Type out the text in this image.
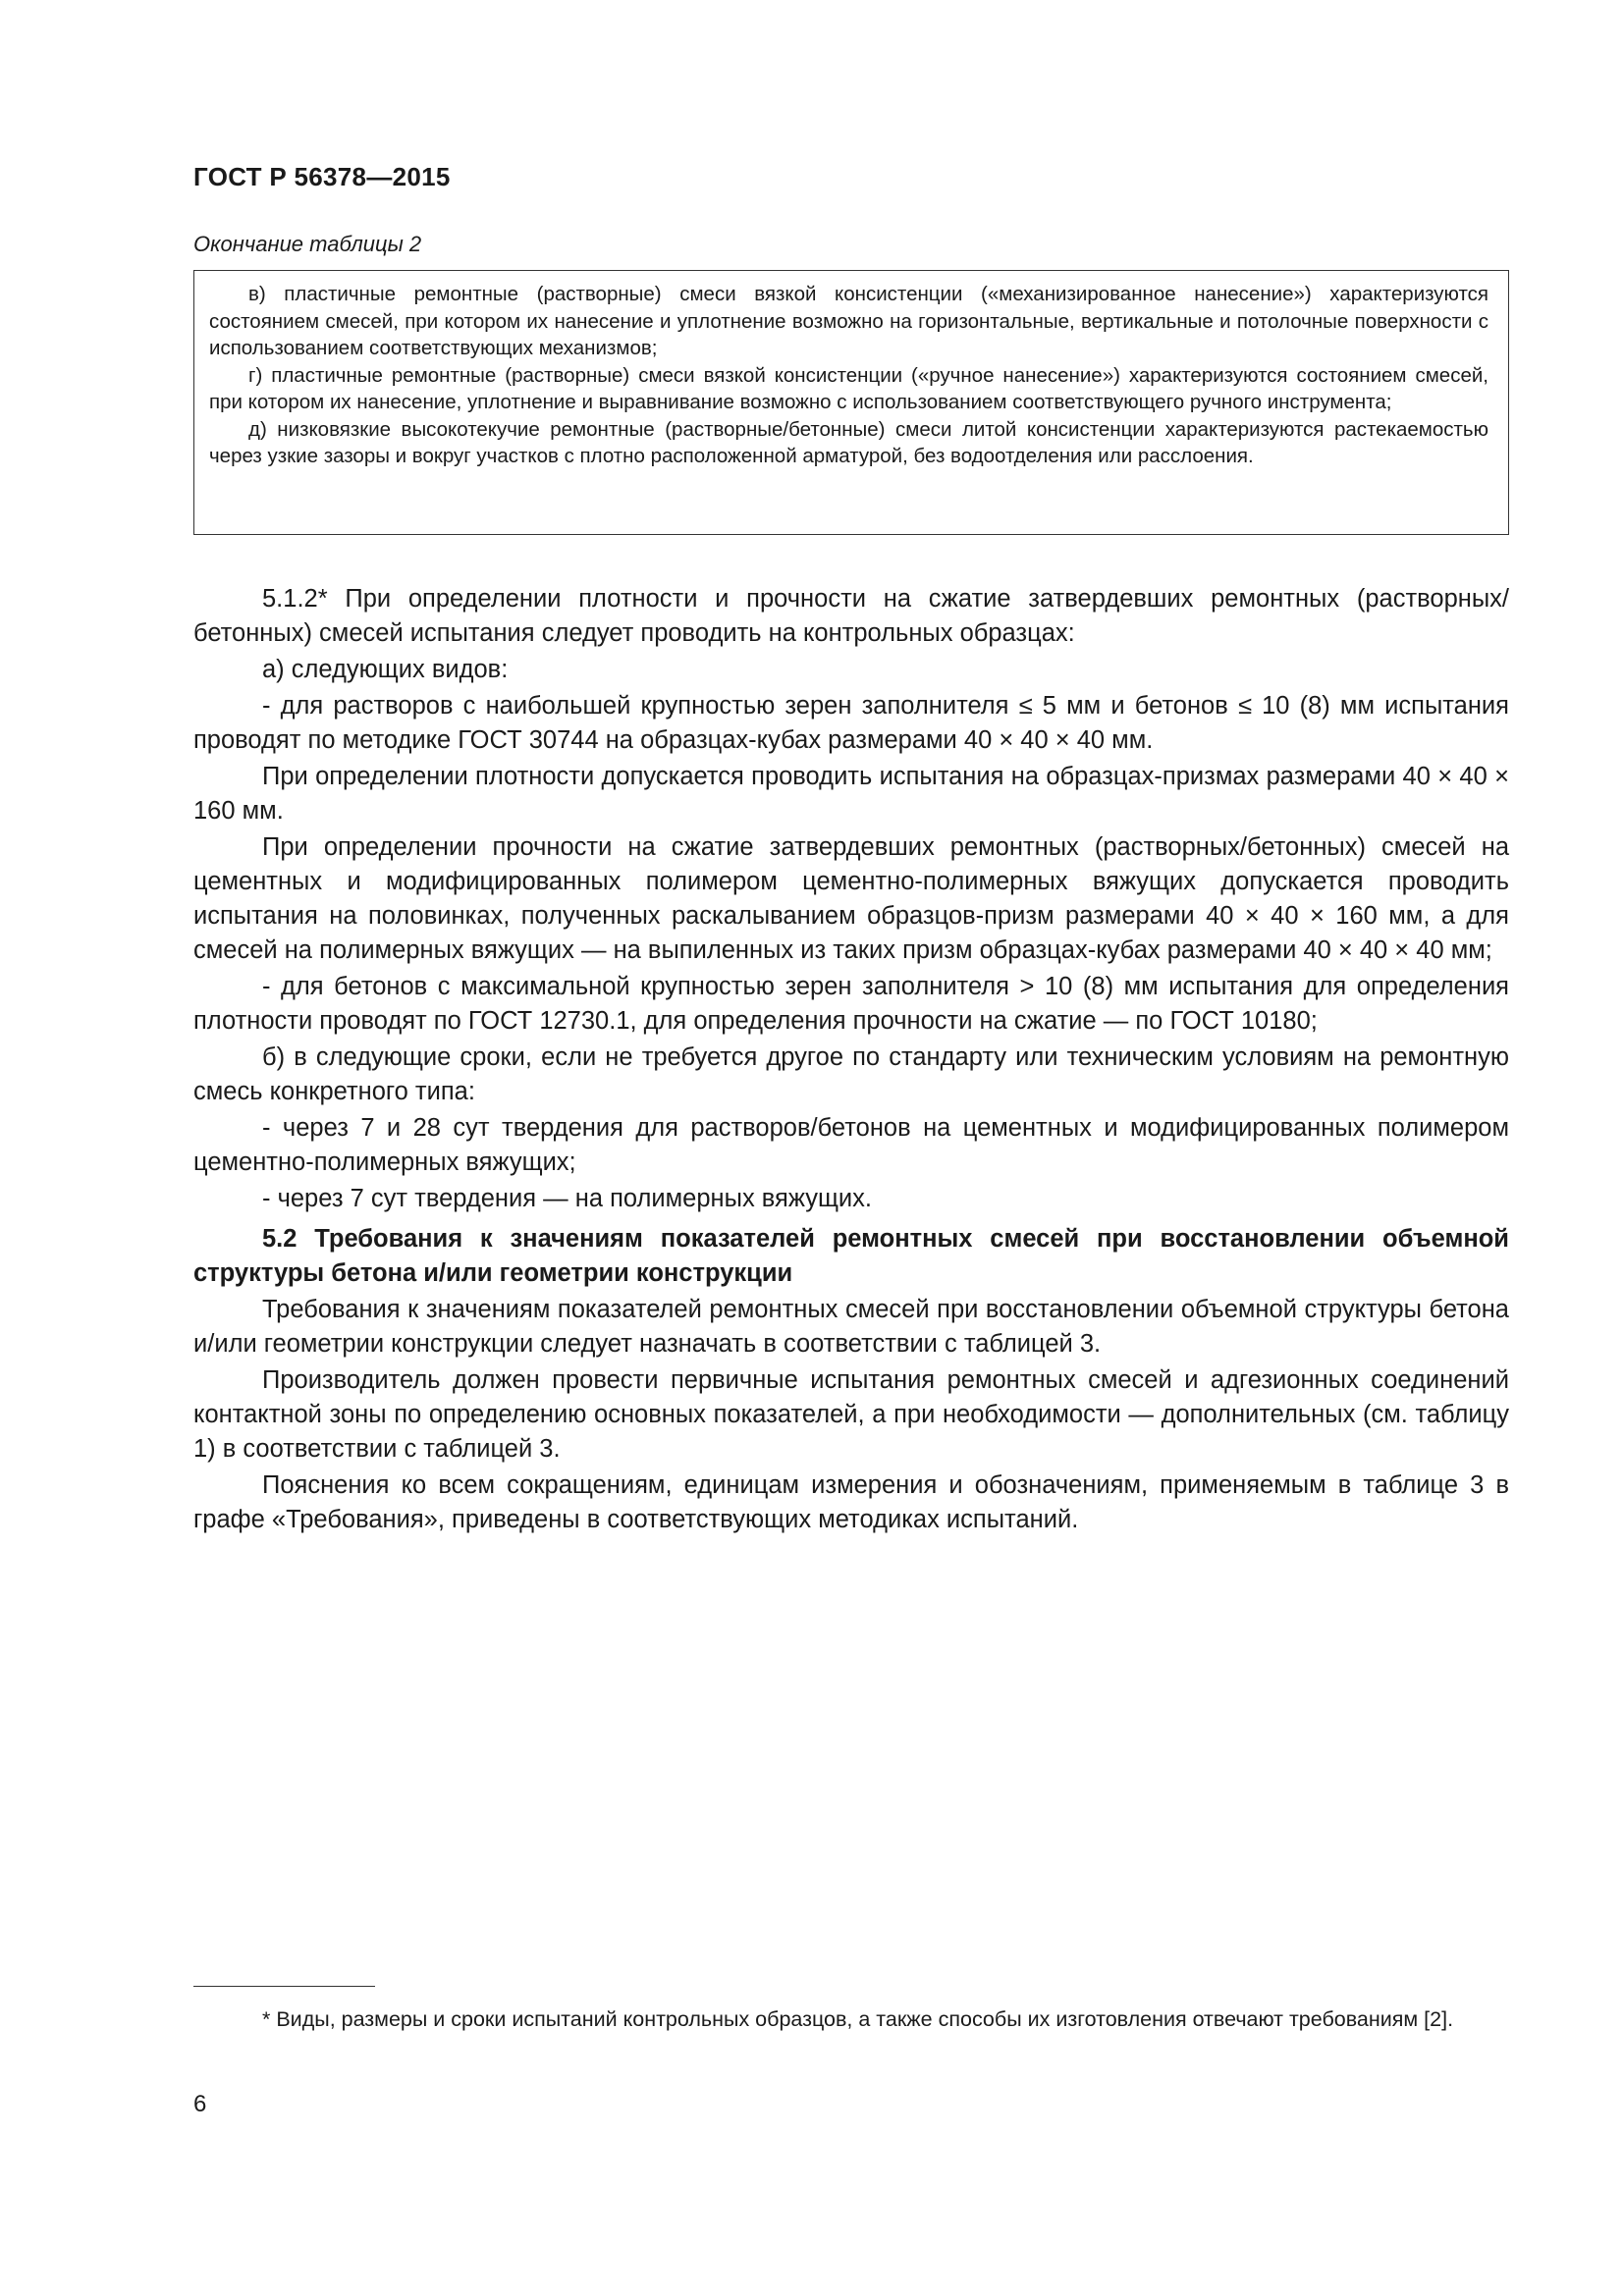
ГОСТ Р 56378—2015
Окончание таблицы 2

в) пластичные ремонтные (растворные) смеси вязкой консистенции («механизированное нанесение») характеризуются состоянием смесей, при котором их нанесение и уплотнение возможно на горизонтальные, вертикальные и потолочные поверхности с использованием соответствующих механизмов;

г) пластичные ремонтные (растворные) смеси вязкой консистенции («ручное нанесение») характеризуются состоянием смесей, при котором их нанесение, уплотнение и выравнивание возможно с использованием соответствующего ручного инструмента;

д) низковязкие высокотекучие ремонтные (растворные/бетонные) смеси литой консистенции характеризуются растекаемостью через узкие зазоры и вокруг участков с плотно расположенной арматурой, без водоотделения или расслоения.

5.1.2* При определении плотности и прочности на сжатие затвердевших ремонтных (растворных/бетонных) смесей испытания следует проводить на контрольных образцах:

а) следующих видов:

- для растворов с наибольшей крупностью зерен заполнителя ≤ 5 мм и бетонов ≤ 10 (8) мм испытания проводят по методике ГОСТ 30744 на образцах-кубах размерами 40 × 40 × 40 мм.

При определении плотности допускается проводить испытания на образцах-призмах размерами 40 × 40 × 160 мм.

При определении прочности на сжатие затвердевших ремонтных (растворных/бетонных) смесей на цементных и модифицированных полимером цементно-полимерных вяжущих допускается проводить испытания на половинках, полученных раскалыванием образцов-призм размерами 40 × 40 × 160 мм, а для смесей на полимерных вяжущих — на выпиленных из таких призм образцах-кубах размерами 40 × 40 × 40 мм;

- для бетонов с максимальной крупностью зерен заполнителя > 10 (8) мм испытания для определения плотности проводят по ГОСТ 12730.1, для определения прочности на сжатие — по ГОСТ 10180;

б) в следующие сроки, если не требуется другое по стандарту или техническим условиям на ремонтную смесь конкретного типа:

- через 7 и 28 сут твердения для растворов/бетонов на цементных и модифицированных полимером цементно-полимерных вяжущих;

- через 7 сут твердения — на полимерных вяжущих.

5.2 Требования к значениям показателей ремонтных смесей при восстановлении объемной структуры бетона и/или геометрии конструкции

Требования к значениям показателей ремонтных смесей при восстановлении объемной структуры бетона и/или геометрии конструкции следует назначать в соответствии с таблицей 3.

Производитель должен провести первичные испытания ремонтных смесей и адгезионных соединений контактной зоны по определению основных показателей, а при необходимости — дополнительных (см. таблицу 1) в соответствии с таблицей 3.

Пояснения ко всем сокращениям, единицам измерения и обозначениям, применяемым в таблице 3 в графе «Требования», приведены в соответствующих методиках испытаний.

* Виды, размеры и сроки испытаний контрольных образцов, а также способы их изготовления отвечают требованиям [2].

6
